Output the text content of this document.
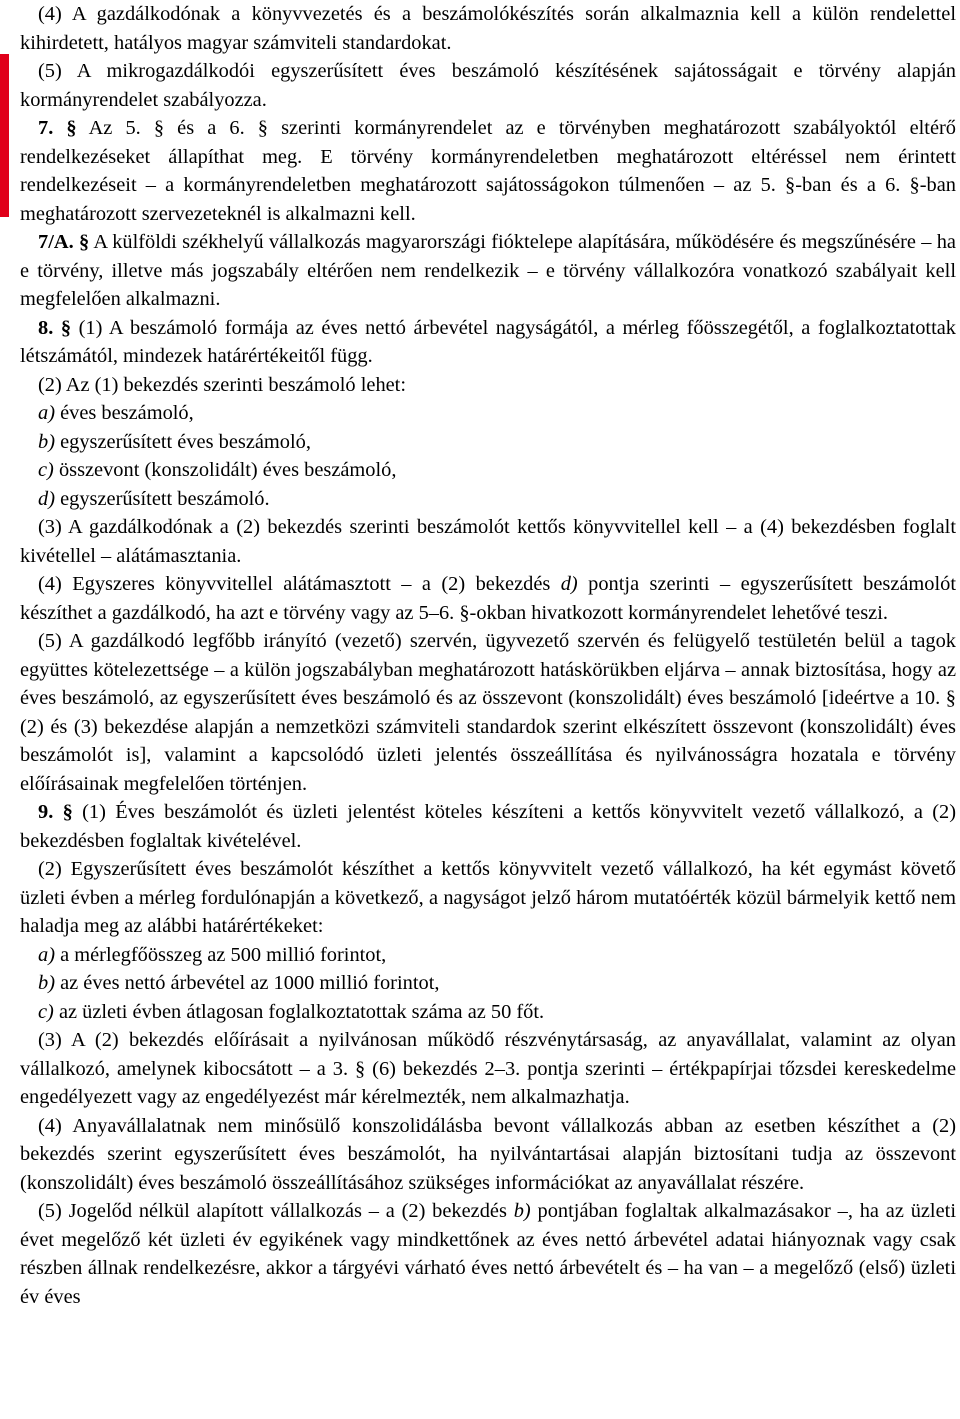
(4) A gazdálkodónak a könyvvezetés és a beszámolókészítés során alkalmaznia kell a külön rendelettel kihirdetett, hatályos magyar számviteli standardokat.

(5) A mikrogazdálkodói egyszerűsített éves beszámoló készítésének sajátosságait e törvény alapján kormányrendelet szabályozza.

7. § Az 5. § és a 6. § szerinti kormányrendelet az e törvényben meghatározott szabályoktól eltérő rendelkezéseket állapíthat meg. E törvény kormányrendeletben meghatározott eltéréssel nem érintett rendelkezéseit – a kormányrendeletben meghatározott sajátosságokon túlmenően – az 5. §-ban és a 6. §-ban meghatározott szervezeteknél is alkalmazni kell.

7/A. § A külföldi székhelyű vállalkozás magyarországi fióktelepe alapítására, működésére és megszűnésére – ha e törvény, illetve más jogszabály eltérően nem rendelkezik – e törvény vállalkozóra vonatkozó szabályait kell megfelelően alkalmazni.

8. § (1) A beszámoló formája az éves nettó árbevétel nagyságától, a mérleg főösszegétől, a foglalkoztatottak létszámától, mindezek határértékeitől függ.

(2) Az (1) bekezdés szerinti beszámoló lehet:

a) éves beszámoló,

b) egyszerűsített éves beszámoló,

c) összevont (konszolidált) éves beszámoló,

d) egyszerűsített beszámoló.

(3) A gazdálkodónak a (2) bekezdés szerinti beszámolót kettős könyvvitellel kell – a (4) bekezdésben foglalt kivétellel – alátámasztania.

(4) Egyszeres könyvvitellel alátámasztott – a (2) bekezdés d) pontja szerinti – egyszerűsített beszámolót készíthet a gazdálkodó, ha azt e törvény vagy az 5–6. §-okban hivatkozott kormányrendelet lehetővé teszi.

(5) A gazdálkodó legfőbb irányító (vezető) szervén, ügyvezető szervén és felügyelő testületén belül a tagok együttes kötelezettsége – a külön jogszabályban meghatározott hatáskörükben eljárva – annak biztosítása, hogy az éves beszámoló, az egyszerűsített éves beszámoló és az összevont (konszolidált) éves beszámoló [ideértve a 10. § (2) és (3) bekezdése alapján a nemzetközi számviteli standardok szerint elkészített összevont (konszolidált) éves beszámolót is], valamint a kapcsolódó üzleti jelentés összeállítása és nyilvánosságra hozatala e törvény előírásainak megfelelően történjen.

9. § (1) Éves beszámolót és üzleti jelentést köteles készíteni a kettős könyvvitelt vezető vállalkozó, a (2) bekezdésben foglaltak kivételével.

(2) Egyszerűsített éves beszámolót készíthet a kettős könyvvitelt vezető vállalkozó, ha két egymást követő üzleti évben a mérleg fordulónapján a következő, a nagyságot jelző három mutatóérték közül bármelyik kettő nem haladja meg az alábbi határértékeket:

a) a mérlegfőösszeg az 500 millió forintot,

b) az éves nettó árbevétel az 1000 millió forintot,

c) az üzleti évben átlagosan foglalkoztatottak száma az 50 főt.

(3) A (2) bekezdés előírásait a nyilvánosan működő részvénytársaság, az anyavállalat, valamint az olyan vállalkozó, amelynek kibocsátott – a 3. § (6) bekezdés 2–3. pontja szerinti – értékpapírjai tőzsdei kereskedelme engedélyezett vagy az engedélyezést már kérelmezték, nem alkalmazhatja.

(4) Anyavállalatnak nem minősülő konszolidálásba bevont vállalkozás abban az esetben készíthet a (2) bekezdés szerint egyszerűsített éves beszámolót, ha nyilvántartásai alapján biztosítani tudja az összevont (konszolidált) éves beszámoló összeállításához szükséges információkat az anyavállalat részére.

(5) Jogelőd nélkül alapított vállalkozás – a (2) bekezdés b) pontjában foglaltak alkalmazásakor –, ha az üzleti évet megelőző két üzleti év egyikének vagy mindkettőnek az éves nettó árbevétel adatai hiányoznak vagy csak részben állnak rendelkezésre, akkor a tárgyévi várható éves nettó árbevételt és – ha van – a megelőző (első) üzleti év éves
